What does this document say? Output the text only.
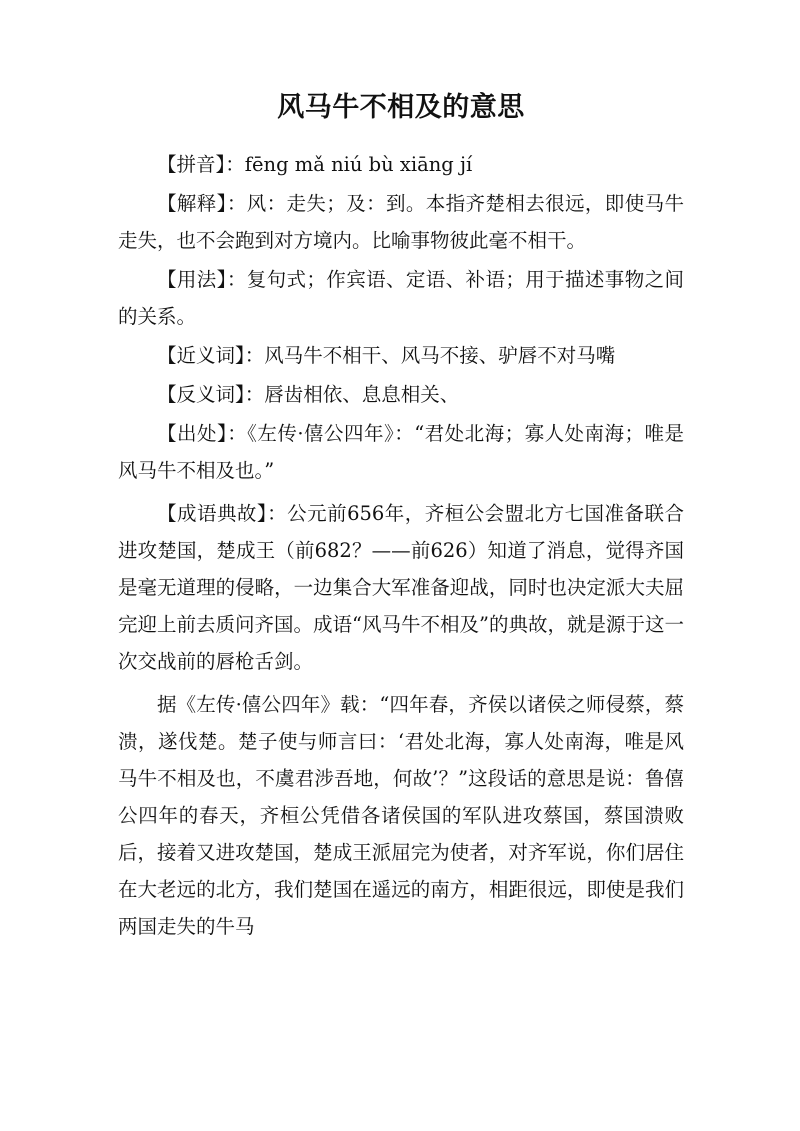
风马牛不相及的意思

【拼音】：fēng mǎ niú bù xiāng jí

【解释】：风：走失；及：到。本指齐楚相去很远，即使马牛走失，也不会跑到对方境内。比喻事物彼此毫不相干。

【用法】：复句式；作宾语、定语、补语；用于描述事物之间的关系。

【近义词】：风马牛不相干、风马不接、驴唇不对马嘴

【反义词】：唇齿相依、息息相关、

【出处】：《左传·僖公四年》：“君处北海；寡人处南海；唯是风马牛不相及也。”

【成语典故】：公元前656年，齐桓公会盟北方七国准备联合进攻楚国，楚成王（前682？——前626）知道了消息，觉得齐国是毫无道理的侵略，一边集合大军准备迎战，同时也决定派大夫屈完迎上前去质问齐国。成语“风马牛不相及”的典故，就是源于这一次交战前的唇枪舌剑。

据《左传·僖公四年》载：“四年春，齐侯以诸侯之师侵蔡，蔡溃，遂伐楚。楚子使与师言曰：‘君处北海，寡人处南海，唯是风马牛不相及也，不虞君涉吾地，何故’？”这段话的意思是说：鲁僖公四年的春天，齐桓公凭借各诸侯国的军队进攻蔡国，蔡国溃败后，接着又进攻楚国，楚成王派屈完为使者，对齐军说，你们居住在大老远的北方，我们楚国在遥远的南方，相距很远，即使是我们两国走失的牛马
